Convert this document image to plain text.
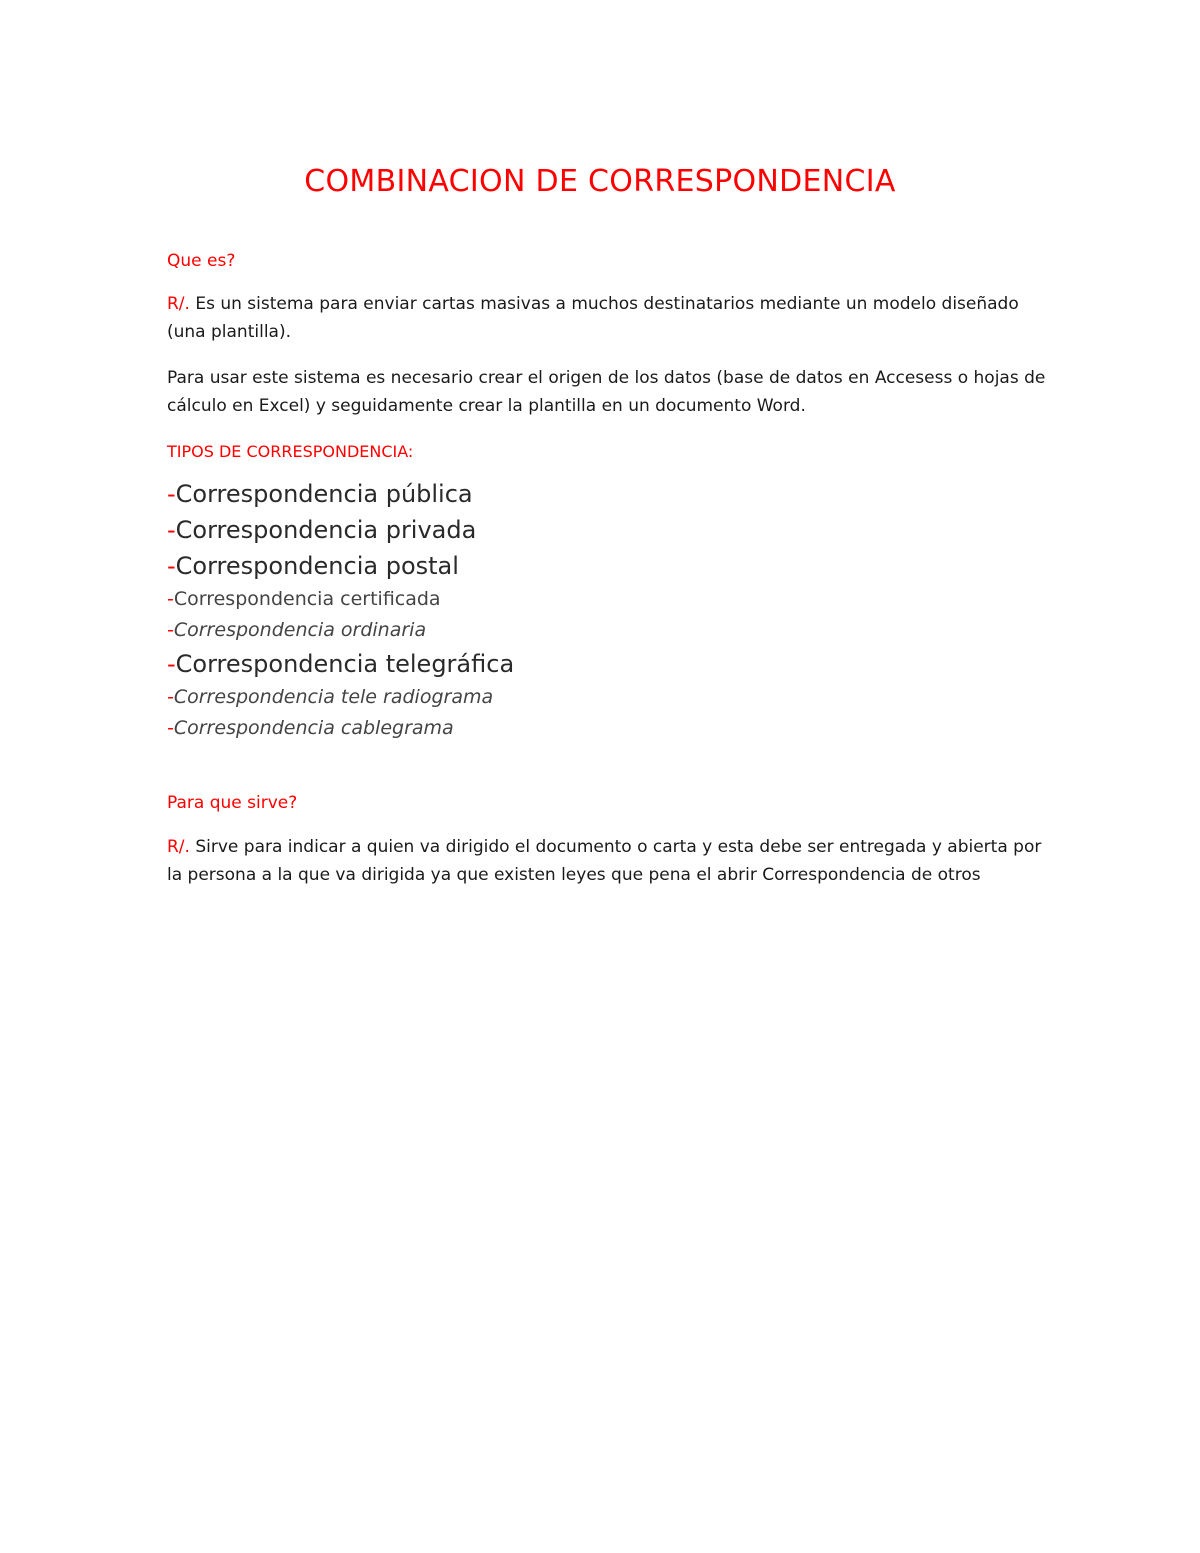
COMBINACION DE CORRESPONDENCIA
Que es?
R/. Es un sistema para enviar cartas masivas a muchos destinatarios mediante un modelo diseñado (una plantilla).
Para usar este sistema es necesario crear el origen de los datos (base de datos en Accesess o hojas de cálculo en Excel) y seguidamente crear la plantilla en un documento Word.
TIPOS DE CORRESPONDENCIA:
-Correspondencia pública
-Correspondencia privada
-Correspondencia postal
-Correspondencia certificada
-Correspondencia ordinaria
-Correspondencia telegráfica
-Correspondencia tele radiograma
-Correspondencia cablegrama
Para que sirve?
R/. Sirve para indicar a quien va dirigido el documento o carta y esta debe ser entregada y abierta por la persona a la que va dirigida ya que existen leyes que pena el abrir Correspondencia de otros
